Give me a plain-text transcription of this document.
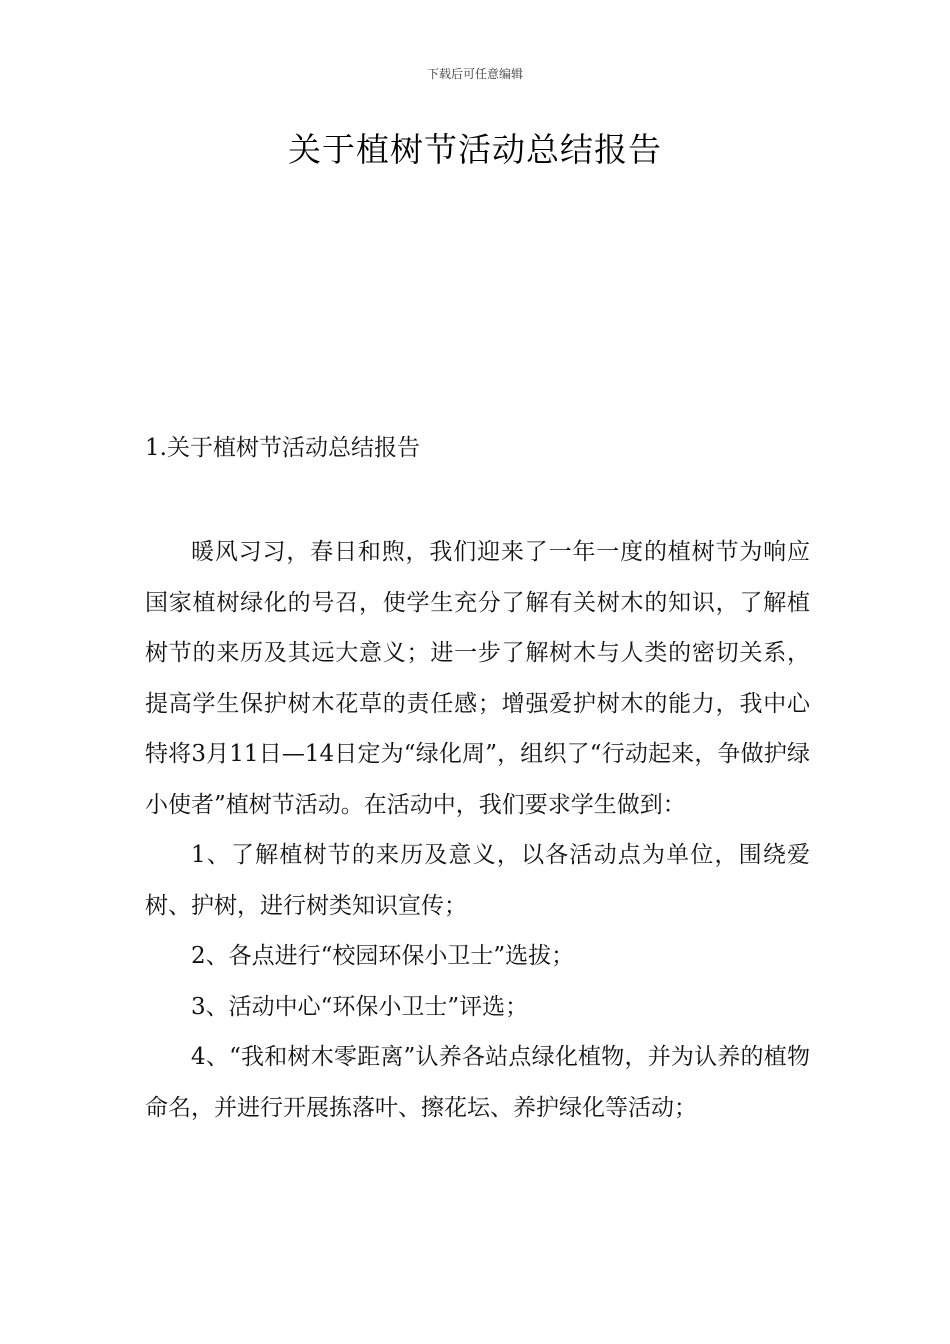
下载后可任意编辑
关于植树节活动总结报告
1.关于植树节活动总结报告

暖风习习，春日和煦，我们迎来了一年一度的植树节为响应国家植树绿化的号召，使学生充分了解有关树木的知识，了解植树节的来历及其远大意义；进一步了解树木与人类的密切关系，提高学生保护树木花草的责任感；增强爱护树木的能力，我中心特将3月11日—14日定为“绿化周”，组织了“行动起来，争做护绿小使者”植树节活动。在活动中，我们要求学生做到：

1、了解植树节的来历及意义，以各活动点为单位，围绕爱树、护树，进行树类知识宣传；

2、各点进行“校园环保小卫士”选拔；

3、活动中心“环保小卫士”评选；

4、“我和树木零距离”认养各站点绿化植物，并为认养的植物命名，并进行开展拣落叶、擦花坛、养护绿化等活动；
